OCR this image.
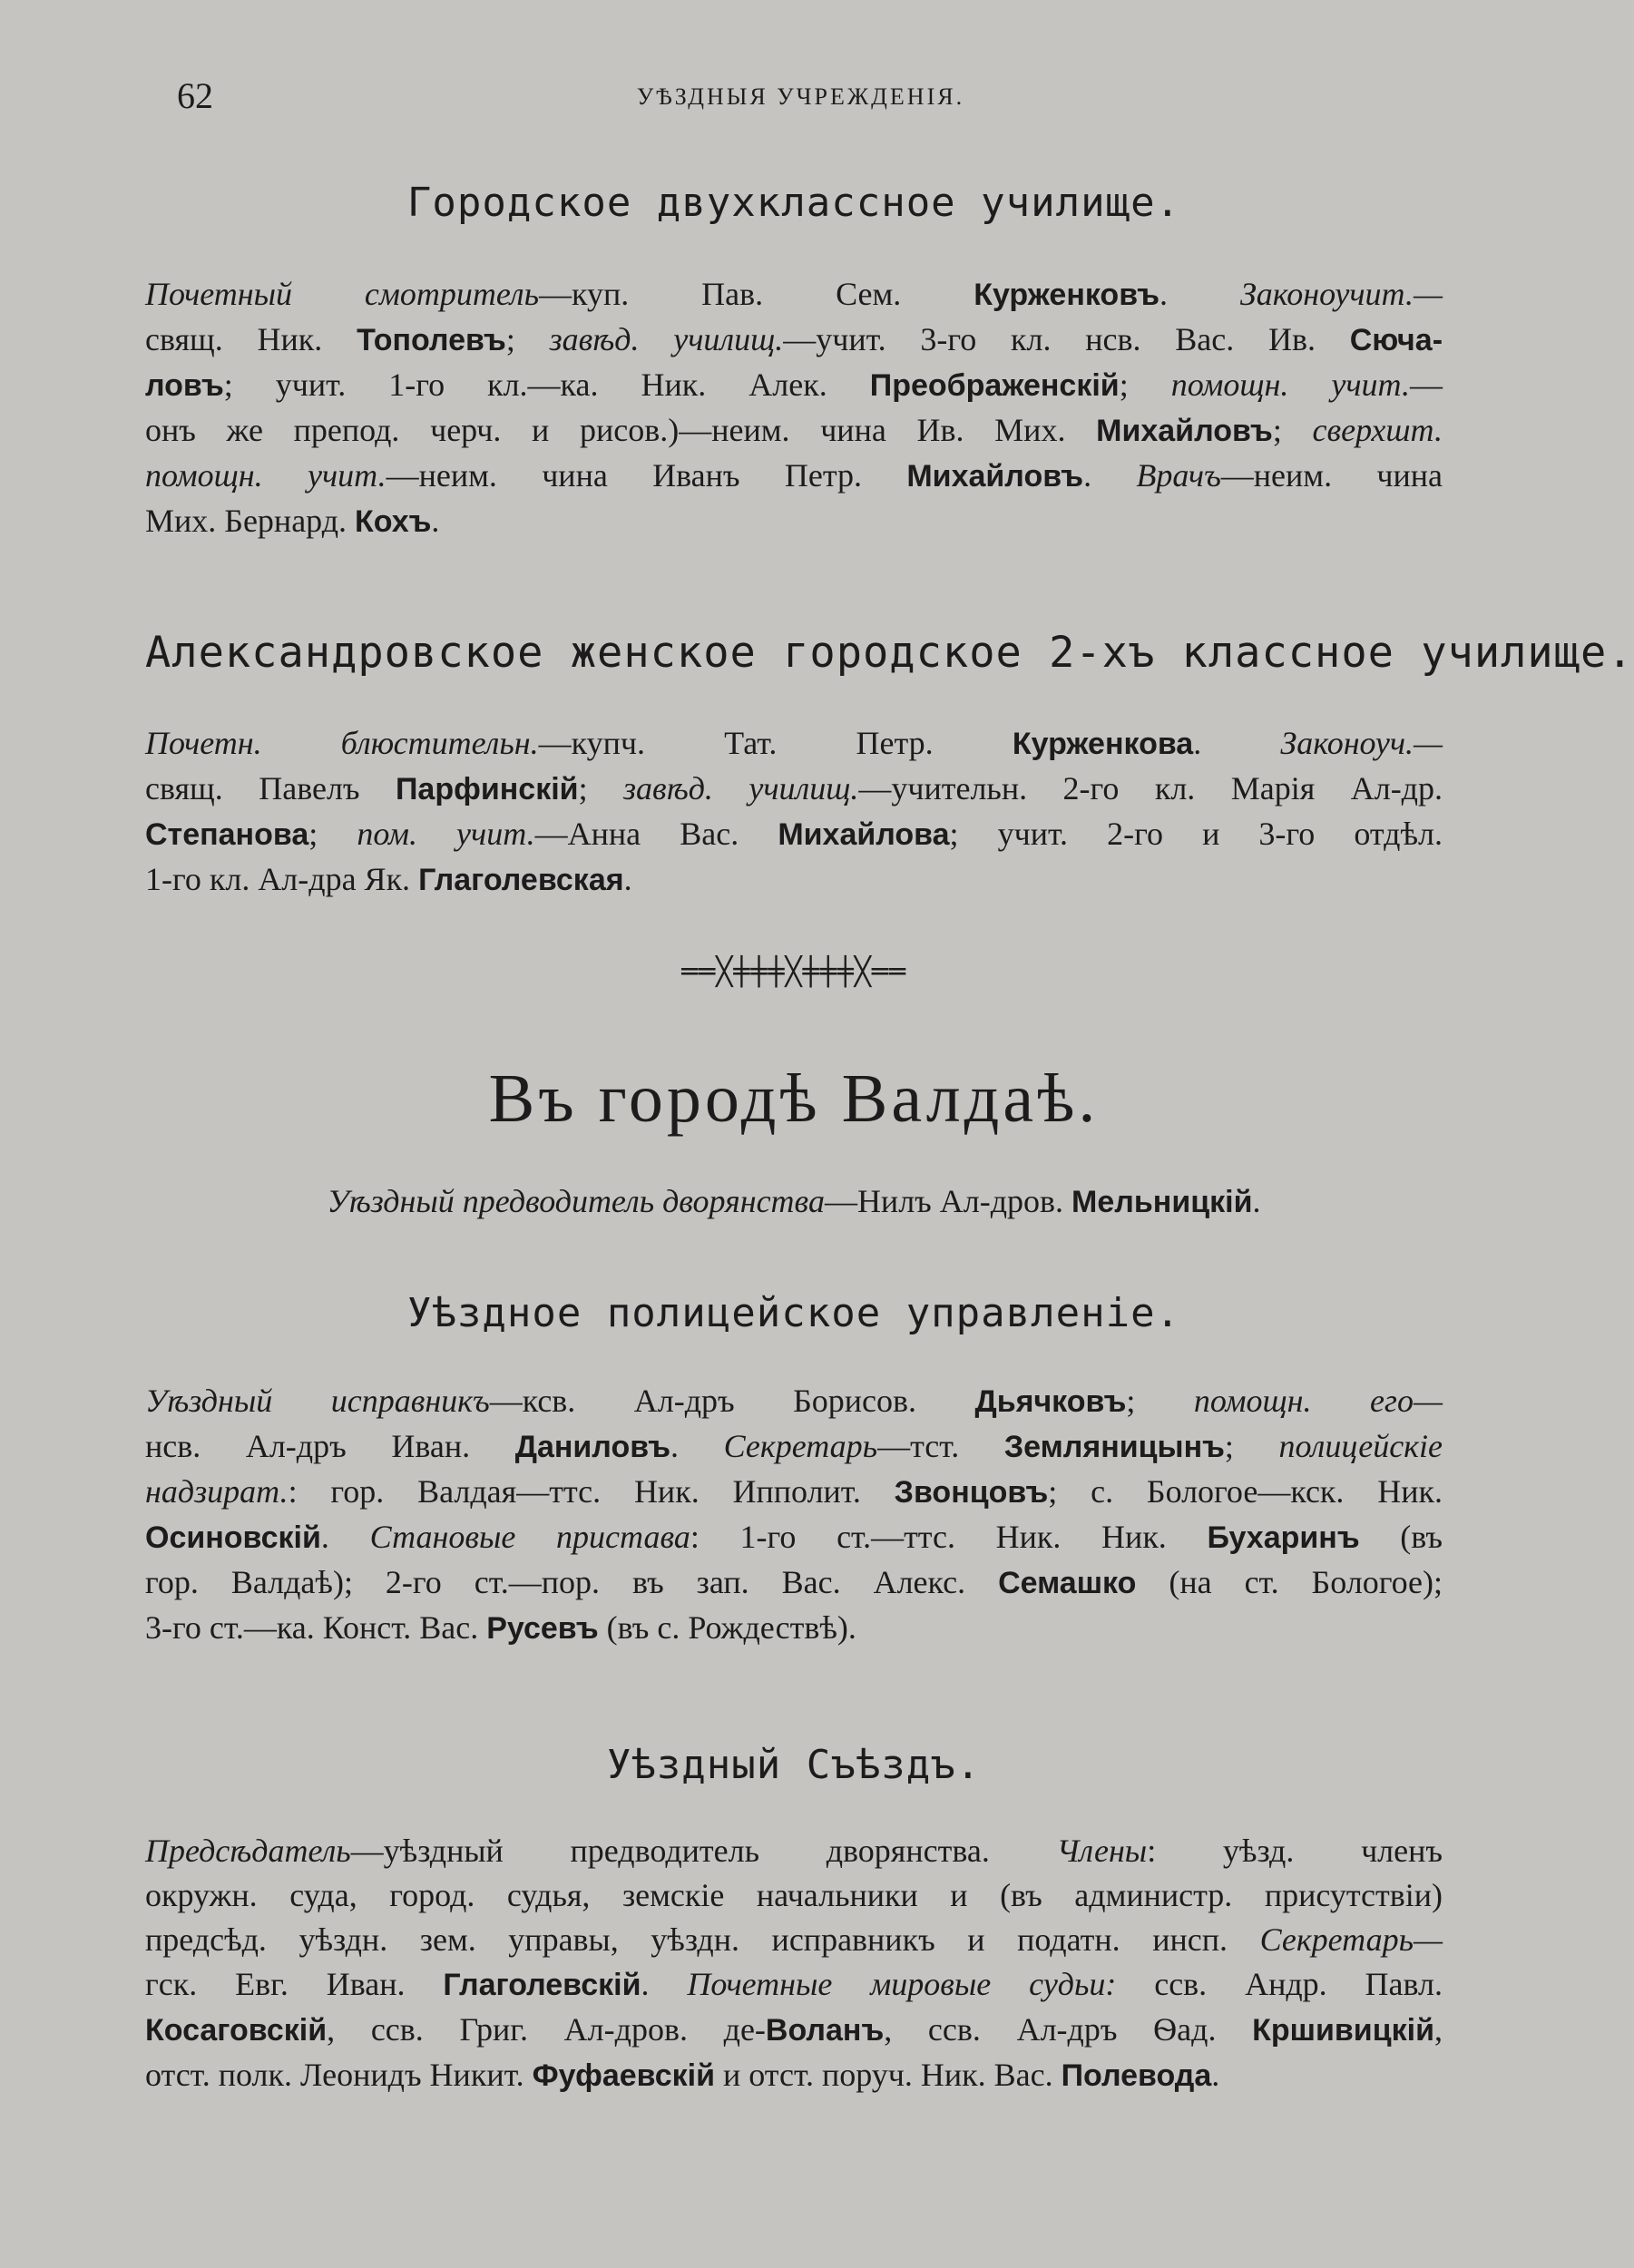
62	УѢЗДНЫЯ УЧРЕЖДЕНІЯ.
Городское двухклассное училище.
Почетный смотритель—куп. Пав. Сем. Курженковъ. Законоучит.—
свящ. Ник. Тополевъ; завѣд. училищ.—учит. 3-го кл. нсв. Вас. Ив. Сюча-
ловъ; учит. 1-го кл.—ка. Ник. Алек. Преображенскій; помощн. учит.—
онъ же препод. черч. и рисов.)—неим. чина Ив. Мих. Михайловъ; сверхшт.
помощн. учит.—неим. чина Иванъ Петр. Михайловъ. Врачъ—неим. чина
Мих. Бернард. Кохъ.
Александровское женское городское 2-хъ классное училище.
Почетн. блюстительн.—купч. Тат. Петр. Курженкова. Законоуч.—
свящ. Павелъ Парфинскій; завѣд. училищ.—учительн. 2-го кл. Марія Ал-др.
Степанова; пом. учит.—Анна Вас. Михайлова; учит. 2-го и 3-го отдѣл.
1-го кл. Ал-дра Як. Глаголевская.
══╳╪╪╪╳╪╪╪╳══
Въ городѣ Валдаѣ.
Уѣздный предводитель дворянства—Нилъ Ал-дров. Мельницкій.
Уѣздное полицейское управленіе.
Уѣздный исправникъ—ксв. Ал-дръ Борисов. Дьячковъ; помощн. его—
нсв. Ал-дръ Иван. Даниловъ. Секретарь—тст. Земляницынъ; полицейскіе
надзират.: гор. Валдая—ттс. Ник. Ипполит. Звонцовъ; с. Бологое—кск. Ник.
Осиновскій. Становые пристава: 1-го ст.—ттс. Ник. Ник. Бухаринъ (въ
гор. Валдаѣ); 2-го ст.—пор. въ зап. Вас. Алекс. Семашко (на ст. Бологое);
3-го ст.—ка. Конст. Вас. Русевъ (въ с. Рождествѣ).
Уѣздный Съѣздъ.
Предсѣдатель—уѣздный предводитель дворянства. Члены: уѣзд. членъ
окружн. суда, город. судья, земскіе начальники и (въ администр. присутствіи)
предсѣд. уѣздн. зем. управы, уѣздн. исправникъ и податн. инсп. Секретарь—
гск. Евг. Иван. Глаголевскій. Почетные мировые судьи: ссв. Андр. Павл.
Косаговскій, ссв. Григ. Ал-дров. де-Воланъ, ссв. Ал-дръ Ѳад. Кршивицкій,
отст. полк. Леонидъ Никит. Фуфаевскій и отст. поруч. Ник. Вас. Полевода.
